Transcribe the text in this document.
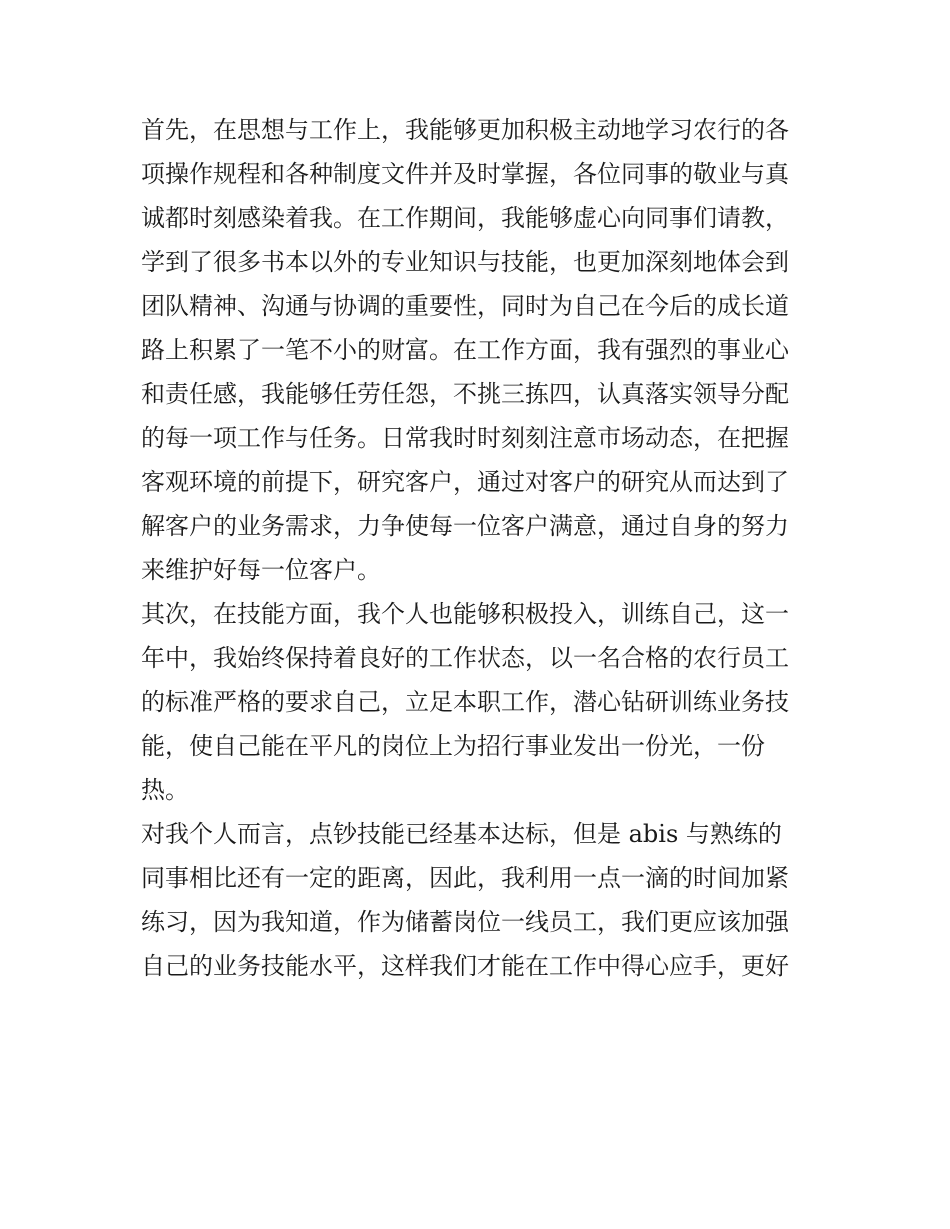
首先，在思想与工作上，我能够更加积极主动地学习农行的各
项操作规程和各种制度文件并及时掌握，各位同事的敬业与真
诚都时刻感染着我。在工作期间，我能够虚心向同事们请教，
学到了很多书本以外的专业知识与技能，也更加深刻地体会到
团队精神、沟通与协调的重要性，同时为自己在今后的成长道
路上积累了一笔不小的财富。在工作方面，我有强烈的事业心
和责任感，我能够任劳任怨，不挑三拣四，认真落实领导分配
的每一项工作与任务。日常我时时刻刻注意市场动态，在把握
客观环境的前提下，研究客户，通过对客户的研究从而达到了
解客户的业务需求，力争使每一位客户满意，通过自身的努力
来维护好每一位客户。
其次，在技能方面，我个人也能够积极投入，训练自己，这一
年中，我始终保持着良好的工作状态，以一名合格的农行员工
的标准严格的要求自己，立足本职工作，潜心钻研训练业务技
能，使自己能在平凡的岗位上为招行事业发出一份光，一份
热。
对我个人而言，点钞技能已经基本达标，但是 abis 与熟练的
同事相比还有一定的距离，因此，我利用一点一滴的时间加紧
练习，因为我知道，作为储蓄岗位一线员工，我们更应该加强
自己的业务技能水平，这样我们才能在工作中得心应手，更好
